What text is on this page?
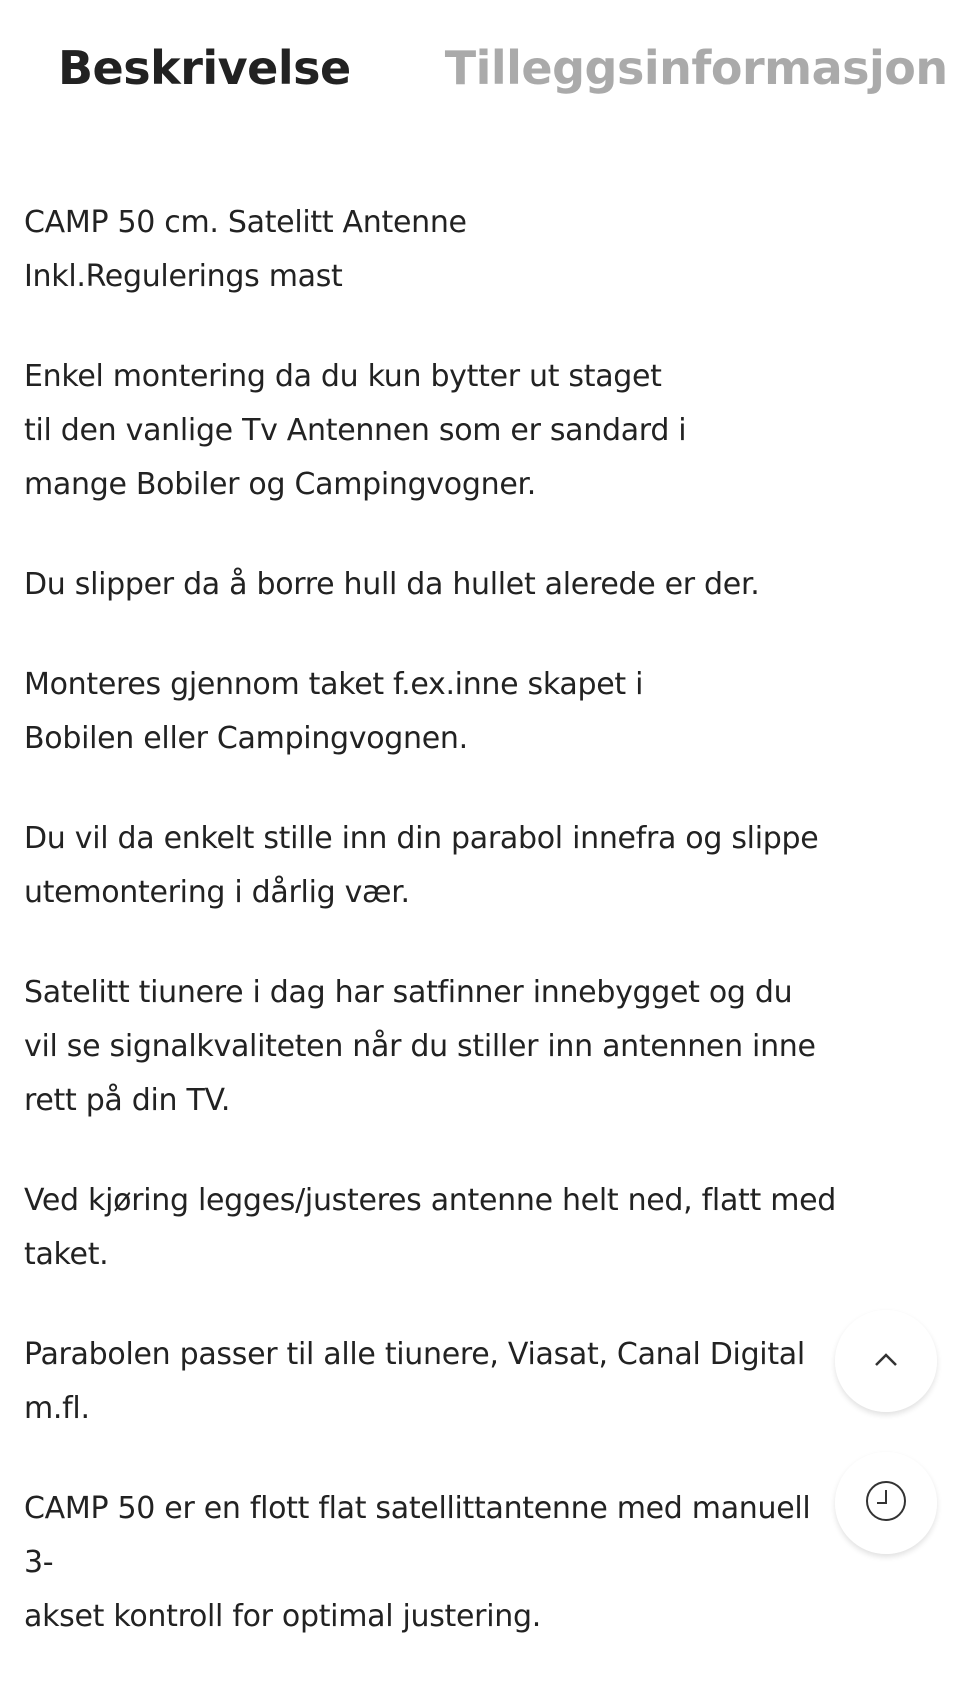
Beskrivelse Tilleggsinformasjon

CAMP 50 cm. Satelitt Antenne
Inkl.Regulerings mast

Enkel montering da du kun bytter ut staget
til den vanlige Tv Antennen som er sandard i
mange Bobiler og Campingvogner.

Du slipper da å borre hull da hullet alerede er der.

Monteres gjennom taket f.ex.inne skapet i
Bobilen eller Campingvognen.

Du vil da enkelt stille inn din parabol innefra og slippe
utemontering i dårlig vær.

Satelitt tiunere i dag har satfinner innebygget og du
vil se signalkvaliteten når du stiller inn antennen inne
rett på din TV.

Ved kjøring legges/justeres antenne helt ned, flatt med
taket.

Parabolen passer til alle tiunere, Viasat, Canal Digital m.fl.

CAMP 50 er en flott flat satellittantenne med manuell 3-
akset kontroll for optimal justering.
